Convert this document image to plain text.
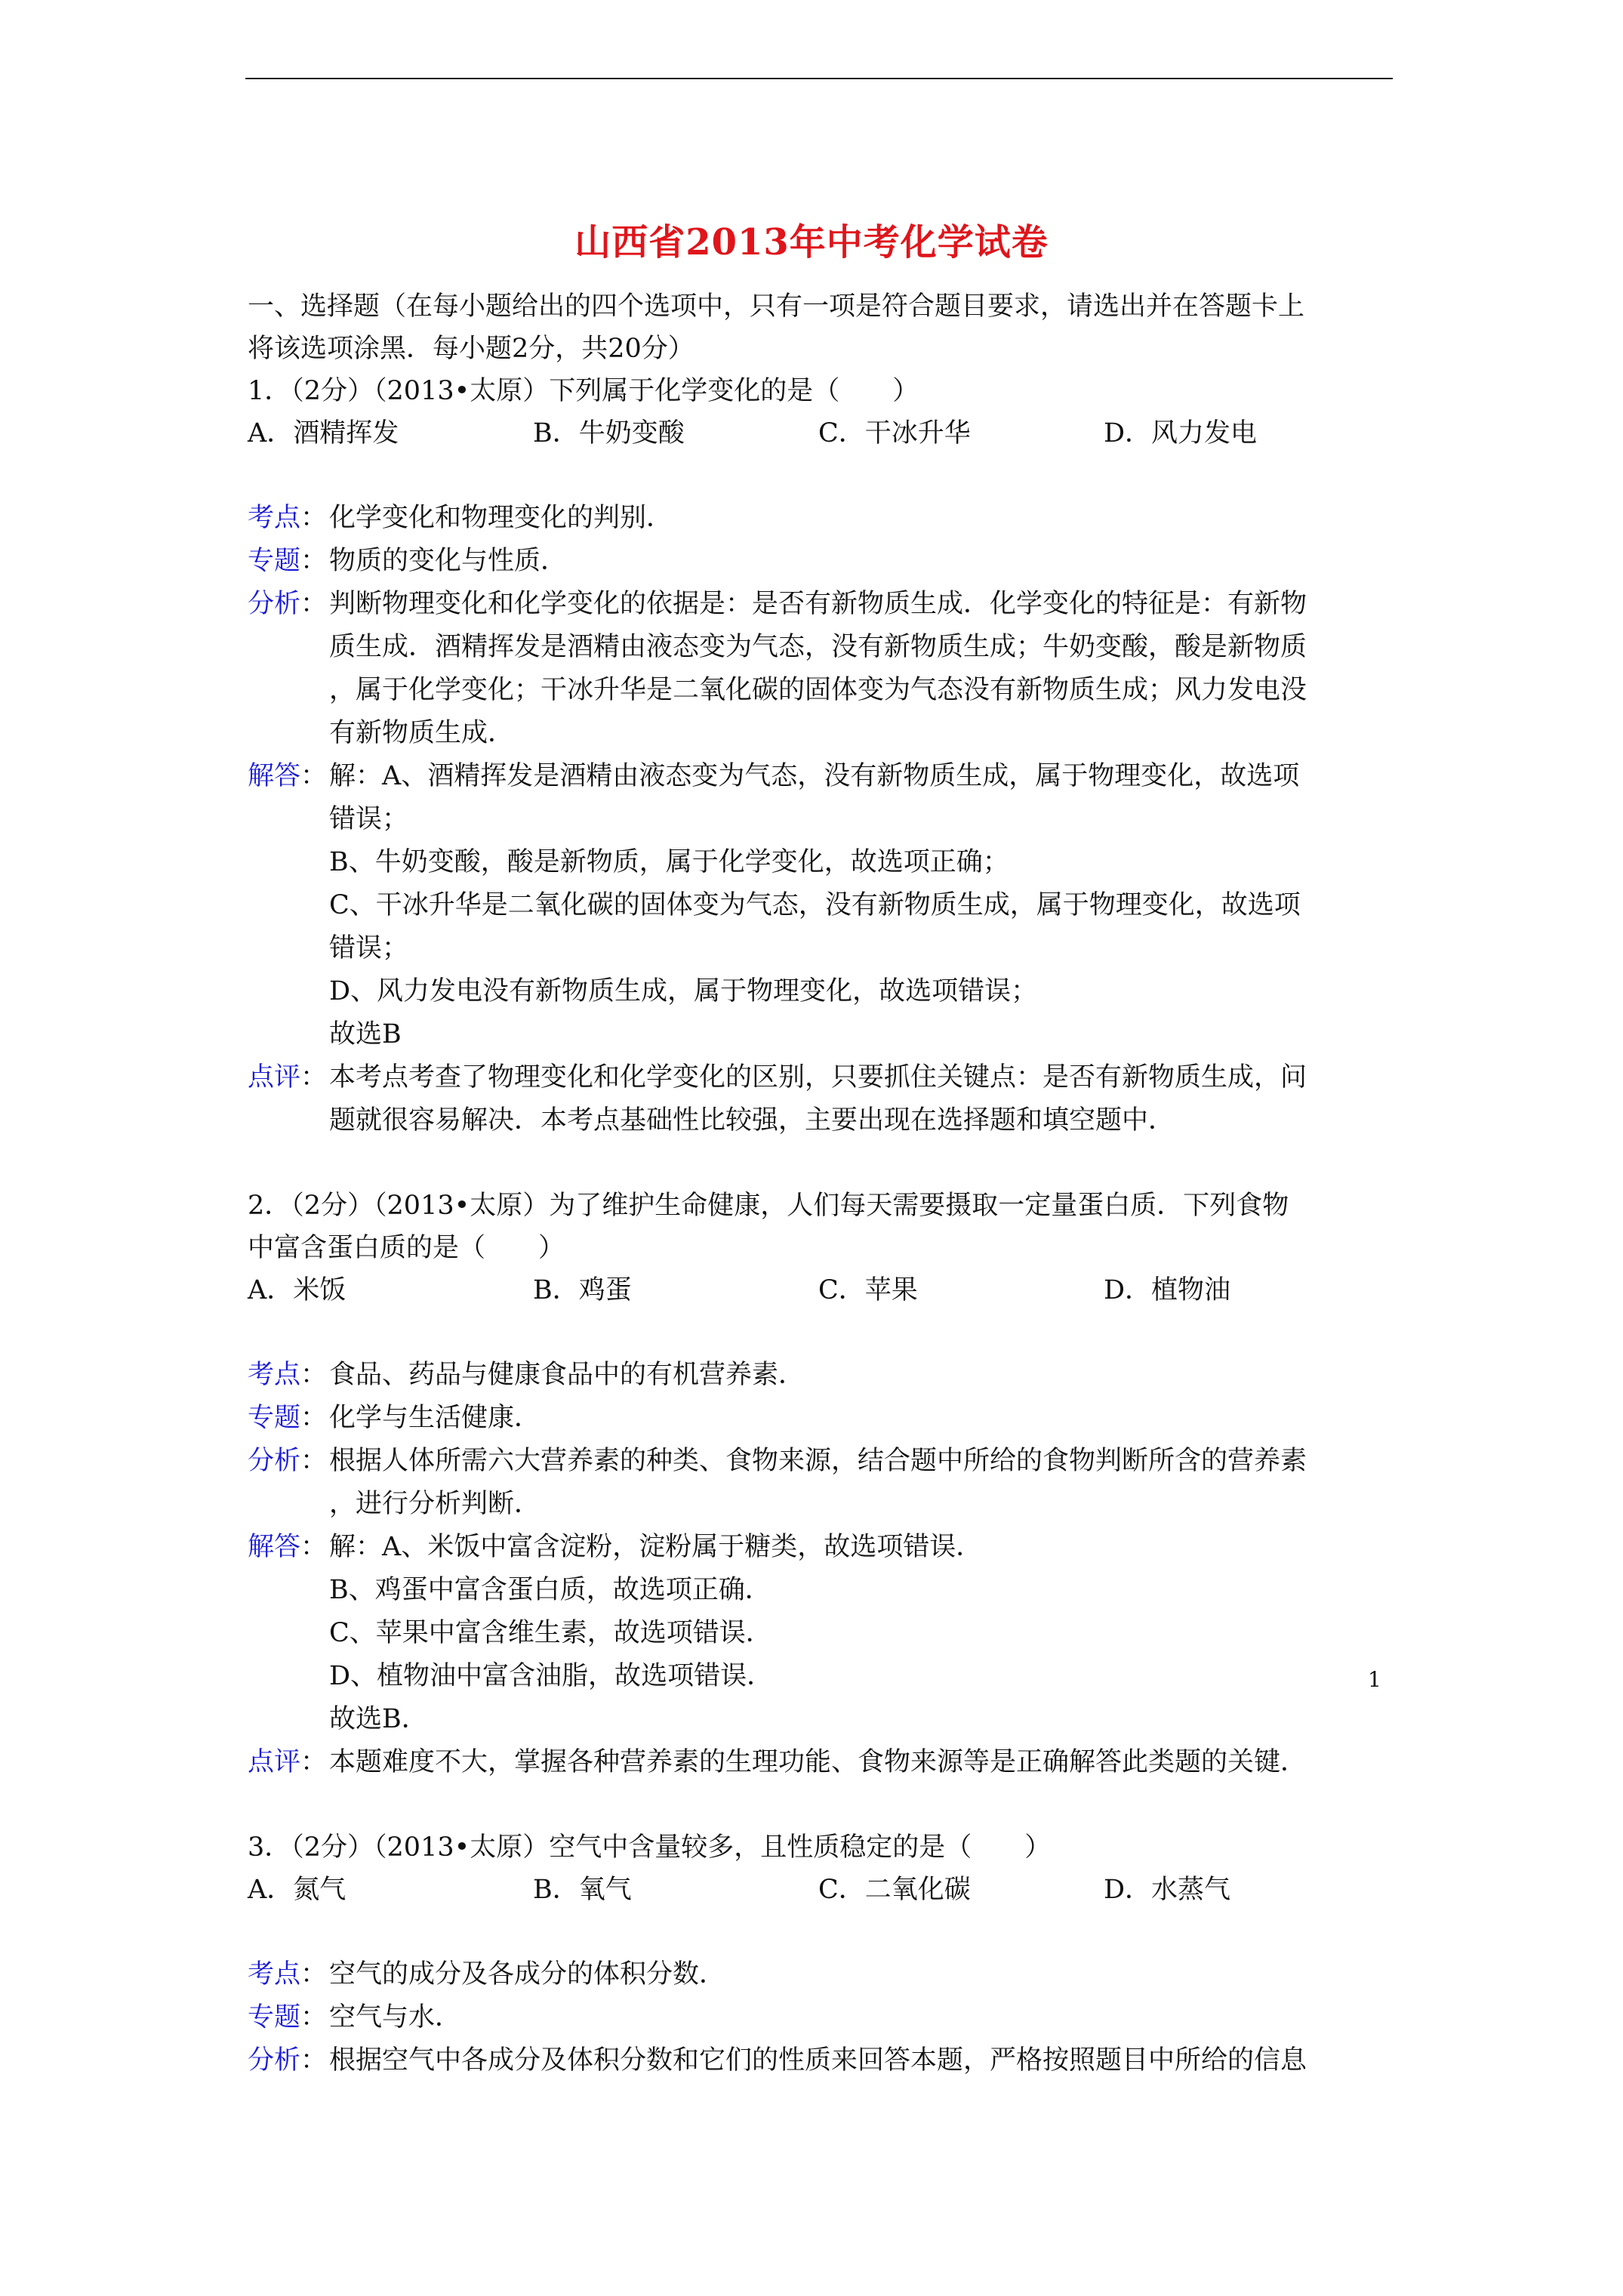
山西省2013年中考化学试卷
一、选择题（在每小题给出的四个选项中，只有一项是符合题目要求，请选出并在答题卡上
将该选项涂黑．每小题2分，共20分）
1．（2分）（2013•太原）下列属于化学变化的是（　　）
A．酒精挥发	B．牛奶变酸	C．干冰升华	D．风力发电
考点： 化学变化和物理变化的判别．
专题： 物质的变化与性质．
分析： 判断物理变化和化学变化的依据是：是否有新物质生成．化学变化的特征是：有新物
质生成．酒精挥发是酒精由液态变为气态，没有新物质生成；牛奶变酸，酸是新物质
，属于化学变化；干冰升华是二氧化碳的固体变为气态没有新物质生成；风力发电没
有新物质生成．
解答： 解：A、酒精挥发是酒精由液态变为气态，没有新物质生成，属于物理变化，故选项
错误；
B、牛奶变酸，酸是新物质，属于化学变化，故选项正确；
C、干冰升华是二氧化碳的固体变为气态，没有新物质生成，属于物理变化，故选项
错误；
D、风力发电没有新物质生成，属于物理变化，故选项错误；
故选B
点评： 本考点考查了物理变化和化学变化的区别，只要抓住关键点：是否有新物质生成，问
题就很容易解决．本考点基础性比较强，主要出现在选择题和填空题中．
2．（2分）（2013•太原）为了维护生命健康，人们每天需要摄取一定量蛋白质．下列食物
中富含蛋白质的是（　　）
A．米饭	B．鸡蛋	C．苹果	D．植物油
考点： 食品、药品与健康食品中的有机营养素．
专题： 化学与生活健康．
分析： 根据人体所需六大营养素的种类、食物来源，结合题中所给的食物判断所含的营养素
，进行分析判断．
解答： 解：A、米饭中富含淀粉，淀粉属于糖类，故选项错误．
B、鸡蛋中富含蛋白质，故选项正确．
C、苹果中富含维生素，故选项错误．
D、植物油中富含油脂，故选项错误．
故选B．
点评： 本题难度不大，掌握各种营养素的生理功能、食物来源等是正确解答此类题的关键．
3．（2分）（2013•太原）空气中含量较多，且性质稳定的是（　　）
A．氮气	B．氧气	C．二氧化碳	D．水蒸气
考点： 空气的成分及各成分的体积分数．
专题： 空气与水．
分析： 根据空气中各成分及体积分数和它们的性质来回答本题，严格按照题目中所给的信息
1
